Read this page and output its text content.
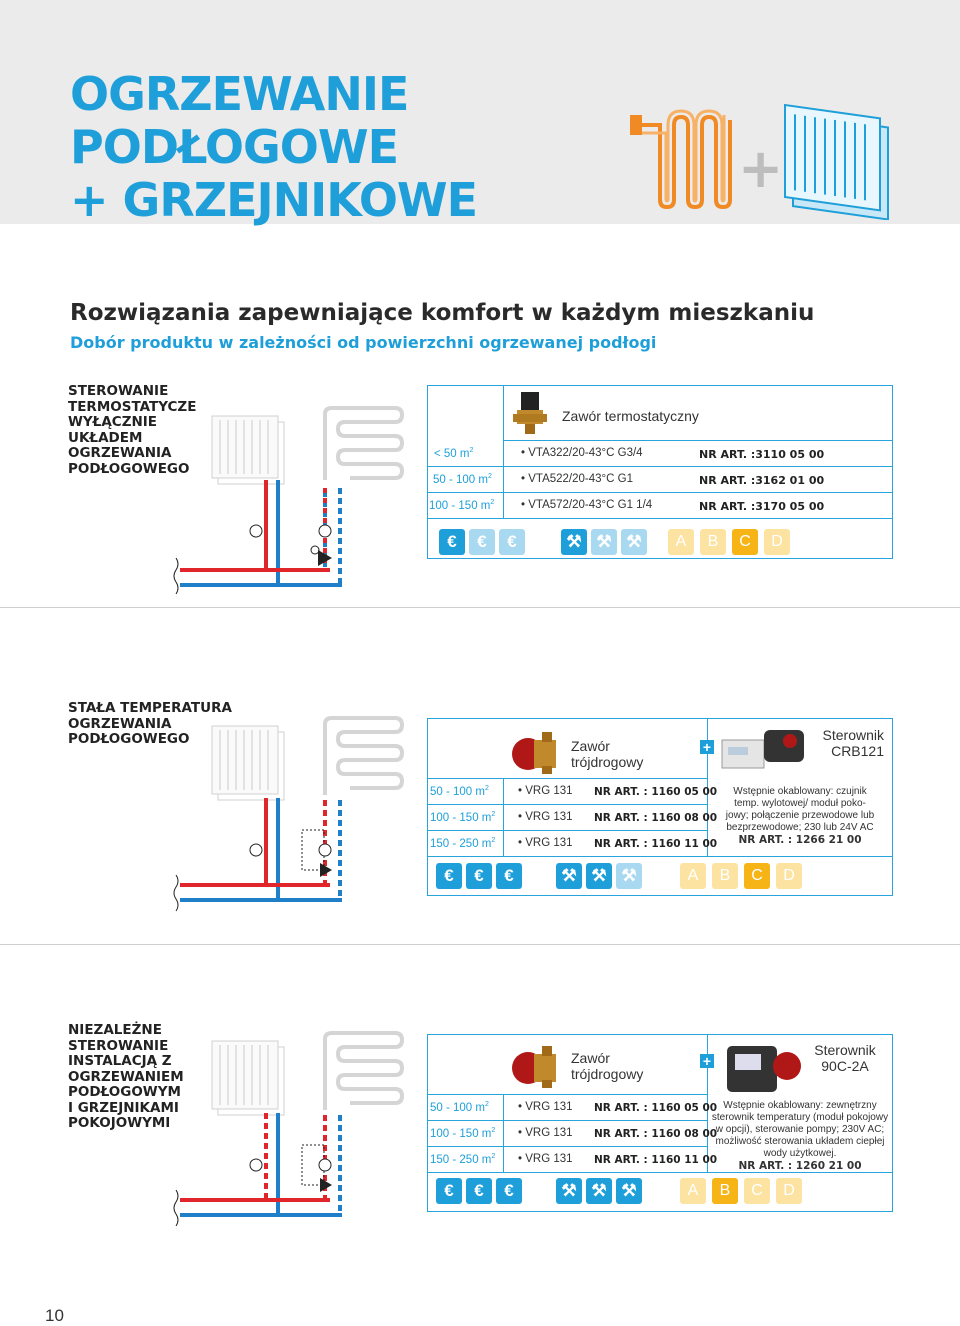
OGRZEWANIE
PODŁOGOWE
+ GRZEJNIKOWE	+
Rozwiązania zapewniające komfort w każdym mieszkaniu
Dobór produktu w zależności od powierzchni ogrzewanej podłogi
STEROWANIE
TERMOSTATYCZE
WYŁĄCZNIE
UKŁADEM
OGRZEWANIA
PODŁOGOWEGO
Zawór termostatyczny
< 50 $m^2$	• VTA322/20-43°C G3/4	NR ART. :3110 05 00
50 - 100 $m^2$	• VTA522/20-43°C G1	NR ART. :3162 01 00
100 - 150 $m^2$ • VTA572/20-43°C G1 1/4	NR ART. :3170 05 00
€	€	€	⚒ ⚒ ⚒	A	B	C	D
STAŁA TEMPERATURA
OGRZEWANIA
PODŁOGOWEGO	Zawór
trójdrogowy
+
Sterownik
CRB121
50 - 100 $m^2$	• VRG 131 NR ART. : 1160 05 00
100 - 150 $m^2$ • VRG 131 NR ART. : 1160 08 00
150 - 250 $m^2$ • VRG 131 NR ART. : 1160 11 00
Wstępnie okablowany: czujnik
temp. wylotowej/ moduł poko-
jowy; połączenie przewodowe lub
bezprzewodowe; 230 lub 24V AC
NR ART. : 1266 21 00
€	€	€	⚒ ⚒ ⚒	A	B	C	D
NIEZALEŻNE
STEROWANIE
INSTALACJĄ Z
OGRZEWANIEM
PODŁOGOWYM
I GRZEJNIKAMI
POKOJOWYMI
Zawór
trójdrogowy
+
Sterownik
90C-2A
50 - 100 $m^2$	• VRG 131 NR ART. : 1160 05 00
100 - 150 $m^2$ • VRG 131 NR ART. : 1160 08 00
150 - 250 $m^2$ • VRG 131 NR ART. : 1160 11 00
Wstępnie okablowany: zewnętrzny
sterownik temperatury (moduł pokojowy
w opcji), sterowanie pompy; 230V AC;
możliwość sterowania układem ciepłej
wody użytkowej.
NR ART. : 1260 21 00
€	€	€	⚒ ⚒ ⚒	A	B	C	D
10
